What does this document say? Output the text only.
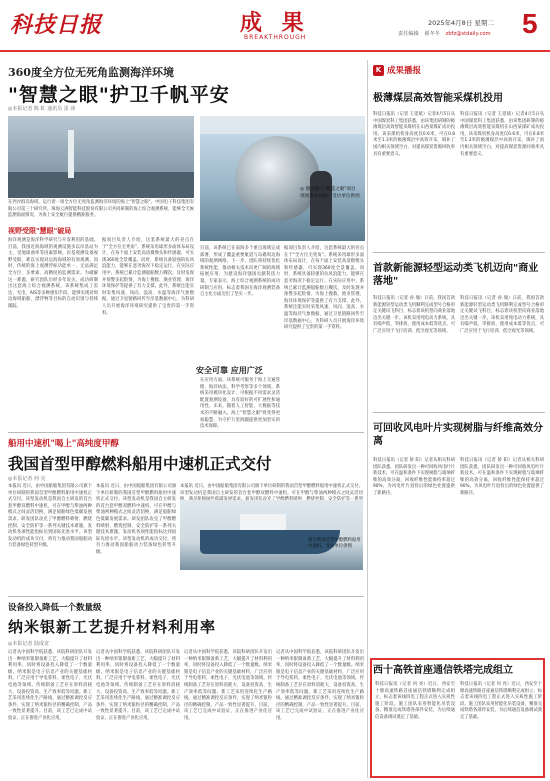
科技日报	成 果
BREAKTHROUGH
2025年4月8日 星期二
责任编辑 翟冬冬 zbfz@stdaily.com 5
360度全方位无死角监测海洋环境
"智慧之眼"护卫千帆平安
◎本报记者 陈 虹 通讯员 雷 淳
◎ 图为海上"智慧之眼"项目现场作业画面。受访单位供图
在西沙群岛海域，运行着一项全方位无死角监测海洋环境的海上"智慧之眼"。中国电子科技集团有限公司第三十研究所、珠海云洲智能科技股份有限公司共同研制的海上综合观测系统，能够全天候监测海面情况，为海上安全航行提供精准服务。
视野受限"慧眼"破局
海洋观测是海洋科学研究与开发利用的基础。目前，我国近海海域的观测设施多以岸基站为主，受地球曲率等因素影响，岸基观测设备视野受限，难以实现对远海海域的有效观测。同时，传统的海上观测浮标功能单一，无法满足全方位、多要素、高精度的监测需求。为破解这一难题，研究团队历经多年攻关，成功研制出这套海上综合观测系统。该系统集成了雷达、光电、AIS等多种感知手段，能够实现对周边海域船舶、漂浮物等目标的自动识别与持续跟踪。
据项目负责人介绍，这套系统最大的亮点在于"全方位无死角"。系统采用球形多面体布局设计，在每个面上安装高清摄像头和传感器，可实现360度全景覆盖。同时，系统具备较强的抗风浪能力，能够在恶劣海况下稳定运行。在实际应用中，系统已累计监测船舶数万艘次，及时发现并预警多起险情，为海上搜救、渔业管理、海洋环境保护等提供了有力支撑。此外，系统还能实时采集风速、风向、浪高、水温等海洋气象数据，通过卫星链路回传至岸基数据中心，为科研人员开展海洋环境研究提供了宝贵的第一手资料。
目前，该系统已在南海多个重点海域完成部署，形成了覆盖重要航道与岛礁周边海域的观测网络。下一步，团队将持续优化系统性能，推动相关技术向更广阔的海域拓展应用，为建设海洋强国贡献科技力量。专家表示，海上综合观测系统的成功研制与应用，标志着我国在海洋观测装备自主化方面迈出了坚实一步。
据项目负责人介绍，这套系统最大的亮点在于"全方位无死角"。系统采用球形多面体布局设计，在每个面上安装高清摄像头和传感器，可实现360度全景覆盖。同时，系统具备较强的抗风浪能力，能够在恶劣海况下稳定运行。在实际应用中，系统已累计监测船舶数万艘次，及时发现并预警多起险情，为海上搜救、渔业管理、海洋环境保护等提供了有力支撑。此外，系统还能实时采集风速、风向、浪高、水温等海洋气象数据，通过卫星链路回传至岸基数据中心，为科研人员开展海洋环境研究提供了宝贵的第一手资料。
安全可靠 应用广泛
在应用方面，该系统可服务于海上交通管理、海洋执法、科学考察等多个领域。系统采用模块化设计，可根据不同需求灵活配置观测设备，具有较好的可扩展性和通用性。未来，随着人工智能、大数据等技术的不断融入，海上"智慧之眼"将变得更加聪慧，为守护万里海疆提供更加坚实的技术保障。
船用中速机"喝上"高纯度甲醇
我国首型甲醇燃料船用中速机正式交付
◎本报记者 何 亮
本报讯 近日，由中国船舶集团有限公司旗下单位研制的我国首型甲醇燃料船用中速机正式交付。该型发动机是我国自主研发的首台套甲醇双燃料中速机，可在甲醇与柴油两种模式之间灵活切换，满足船舶绿色低碳发展需求。研发团队攻克了甲醇燃料喷射、燃烧控制、安全防护等一系列关键技术难题，发动机各项性能指标达到国际先进水平。该型发动机的成功交付，将有力推动我国船舶动力装备绿色转型升级。
本报讯 近日，由中国船舶集团有限公司旗下单位研制的我国首型甲醇燃料船用中速机正式交付。该型发动机是我国自主研发的首台套甲醇双燃料中速机，可在甲醇与柴油两种模式之间灵活切换，满足船舶绿色低碳发展需求。研发团队攻克了甲醇燃料喷射、燃烧控制、安全防护等一系列关键技术难题，发动机各项性能指标达到国际先进水平。该型发动机的成功交付，将有力推动我国船舶动力装备绿色转型升级。
本报讯 近日，由中国船舶集团有限公司旗下单位研制的我国首型甲醇燃料船用中速机正式交付。该型发动机是我国自主研发的首台套甲醇双燃料中速机，可在甲醇与柴油两种模式之间灵活切
图为我国首型甲醇燃料船用中速机。受访单位供图
设备投入降低一个数量级
纳米银新工艺提升材料利用率
◎本报记者 陆成宽
记者从中国科学院获悉，该院科研团队开发出一种纳米银制备新工艺，大幅提升了材料利用率，同时将设备投入降低了一个数量级。纳米银是电子信息产业的关键基础材料，广泛应用于导电浆料、柔性电子、光伏电池等领域。传统制备工艺存在原料消耗大、设备投资高、生产效率低等问题。新工艺采用连续化生产路线，通过精准调控反应条件，实现了纳米银粒径的精确控制，产品一致性显著提升。目前，该工艺已完成中试验证，正在推进产业化应用。
记者从中国科学院获悉，该院科研团队开发出一种纳米银制备新工艺，大幅提升了材料利用率，同时将设备投入降低了一个数量级。纳米银是电子信息产业的关键基础材料，广泛应用于导电浆料、柔性电子、光伏电池等领域。传统制备工艺存在原料消耗大、设备投资高、生产效率低等问题。新工艺采用连续化生产路线，通过精准调控反应条件，实现了纳米银粒径的精确控制，产品一致性显著提升。目前，该工艺已完成中试验证，正在推进产业化应用。
记者从中国科学院获悉，该院科研团队开发出一种纳米银制备新工艺，大幅提升了材料利用率，同时将设备投入降低了一个数量级。纳米银是电子信息产业的关键基础材料，广泛应用于导电浆料、柔性电子、光伏电池等领域。传统制备工艺存在原料消耗大、设备投资高、生产效率低等问题。新工艺采用连续化生产路线，通过精准调控反应条件，实现了纳米银粒径的精确控制，产品一致性显著提升。目前，该工艺已完成中试验证，正在推进产业化应用。
记者从中国科学院获悉，该院科研团队开发出一种纳米银制备新工艺，大幅提升了材料利用率，同时将设备投入降低了一个数量级。纳米银是电子信息产业的关键基础材料，广泛应用于导电浆料、柔性电子、光伏电池等领域。传统制备工艺存在原料消耗大、设备投资高、生产效率低等问题。新工艺采用连续化生产路线，通过精准调控反应条件，实现了纳米银粒径的精确控制，产品一致性显著提升。目前，该工艺已完成中试验证，正在推进产业化应用。
K 成果播报
极薄煤层高效智能采煤机投用
科技日报讯（记者 王延斌）记者4月5日从中国煤炭科工集团获悉，由该集团研制的极薄煤层高效智能采煤机在山西某煤矿成功投用。该采煤机机身高度仅0.6米，可在0.8米至1.3米的极薄煤层中高效开采，填补了国内相关领域空白，对提高煤炭资源回收率具有重要意义。
科技日报讯（记者 王延斌）记者4月5日从中国煤炭科工集团获悉，由该集团研制的极薄煤层高效智能采煤机在山西某煤矿成功投用。该采煤机机身高度仅0.6米，可在0.8米至1.3米的极薄煤层中高效开采，填补了国内相关领域空白，对提高煤炭资源回收率具有重要意义。
首款新能源轻型运动类飞机迈向"商业落地"
科技日报讯（记者 孙 瑜）日前，我国首款新能源轻型运动类飞机顺利完成型号合格审定关键试飞科目，标志着该机型向商业落地迈出关键一步。该机采用纯电动力系统，具有噪声低、零排放、使用成本低等优点，可广泛应用于飞行培训、低空观光等领域。
科技日报讯（记者 孙 瑜）日前，我国首款新能源轻型运动类飞机顺利完成型号合格审定关键试飞科目，标志着该机型向商业落地迈出关键一步。该机采用纯电动力系统，具有噪声低、零排放、使用成本低等优点，可广泛应用于飞行培训、低空观光等领域。
可回收风电叶片实现树脂与纤维高效分离
科技日报讯（记者 矫 阳）记者从相关科研团队获悉，团队研发出一种可回收风电叶片新技术，可在温和条件下实现树脂与玻璃纤维的高效分离，回收纤维性能保持率超过90%，为风电叶片退役后的绿色处置提供了新路径。
科技日报讯（记者 矫 阳）记者从相关科研团队获悉，团队研发出一种可回收风电叶片新技术，可在温和条件下实现树脂与玻璃纤维的高效分离，回收纤维性能保持率超过90%，为风电叶片退役后的绿色处置提供了新路径。
西十高铁首座通信铁塔完成组立
科技日报讯（记者 何 亮）近日，西安至十堰高速铁路首座通信铁塔顺利完成组立，标志着该线四电工程正式进入实质性施工阶段。施工团队采用智能化吊装设备，精准完成铁塔各部件安装，为后续通信设备调试奠定了基础。
科技日报讯（记者 何 亮）近日，西安至十堰高速铁路首座通信铁塔顺利完成组立，标志着该线四电工程正式进入实质性施工阶段。施工团队采用智能化吊装设备，精准完成铁塔各部件安装，为后续通信设备调试奠定了基础。
